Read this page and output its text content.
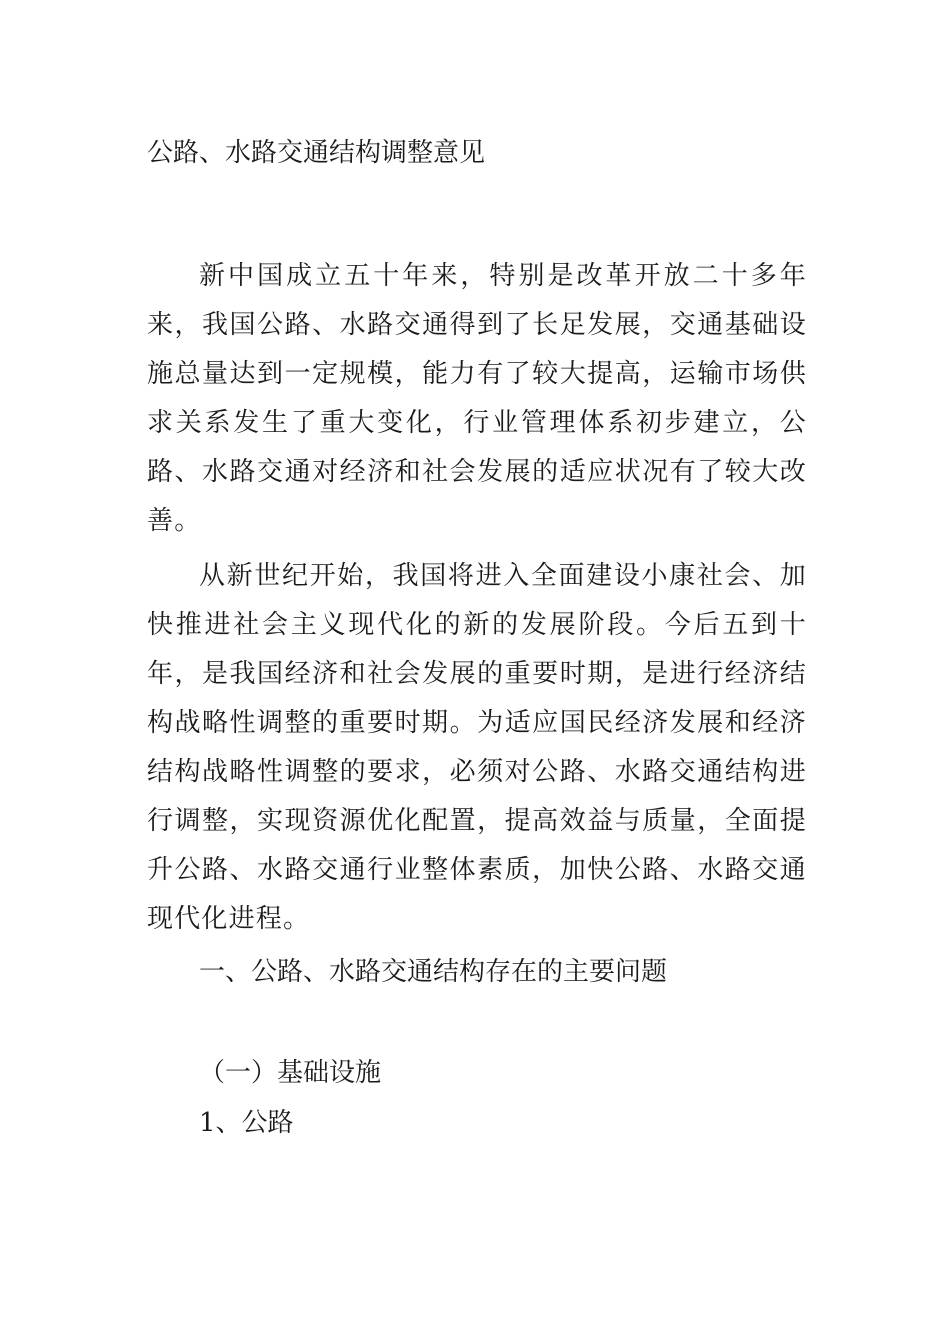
公路、水路交通结构调整意见

新中国成立五十年来，特别是改革开放二十多年来，我国公路、水路交通得到了长足发展，交通基础设施总量达到一定规模，能力有了较大提高，运输市场供求关系发生了重大变化，行业管理体系初步建立，公路、水路交通对经济和社会发展的适应状况有了较大改善。

从新世纪开始，我国将进入全面建设小康社会、加快推进社会主义现代化的新的发展阶段。今后五到十年，是我国经济和社会发展的重要时期，是进行经济结构战略性调整的重要时期。为适应国民经济发展和经济结构战略性调整的要求，必须对公路、水路交通结构进行调整，实现资源优化配置，提高效益与质量，全面提升公路、水路交通行业整体素质，加快公路、水路交通现代化进程。

一、公路、水路交通结构存在的主要问题
（一）基础设施
1、公路
